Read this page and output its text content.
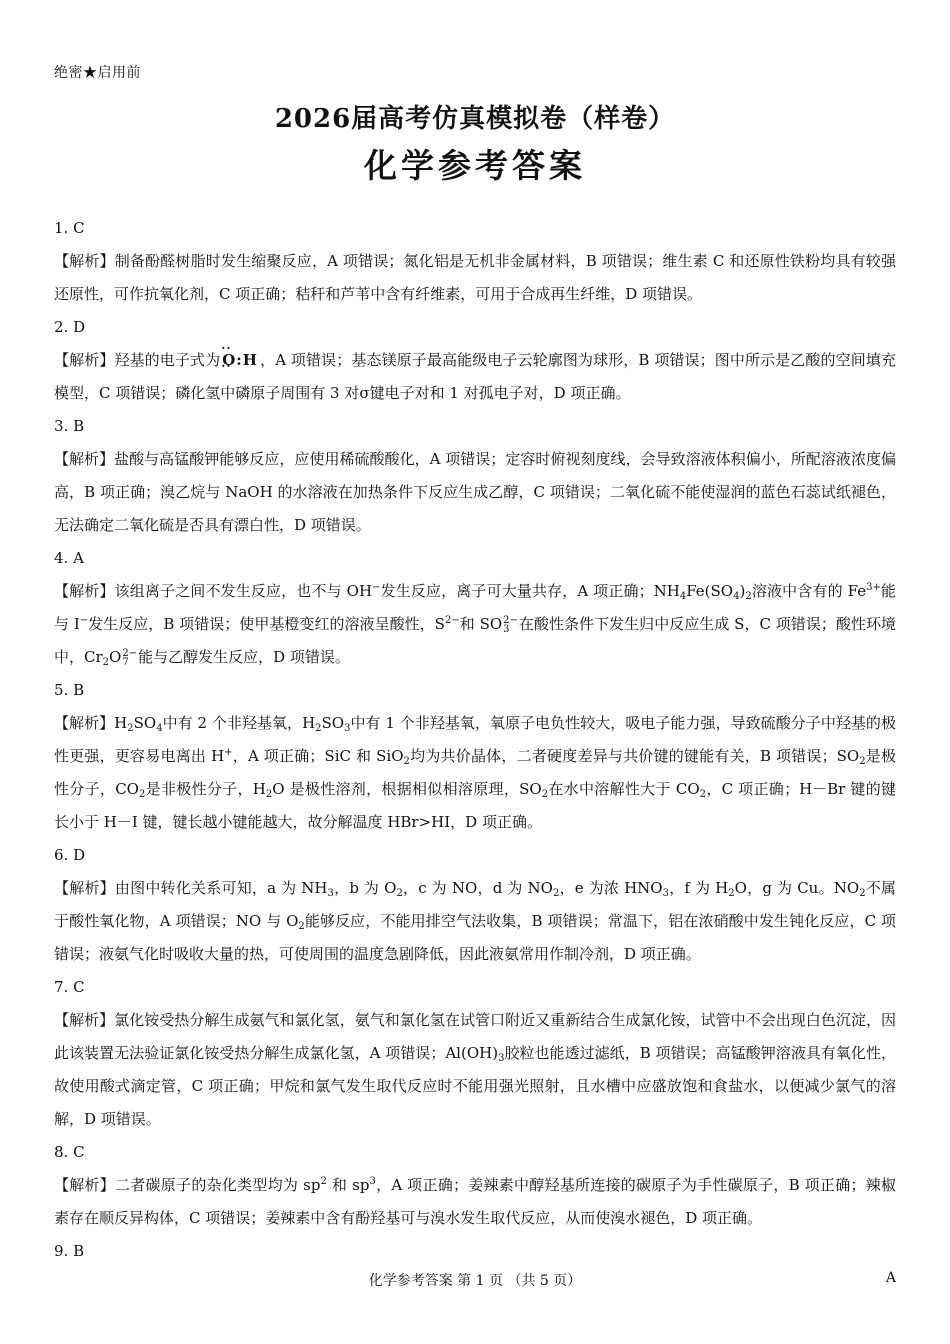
绝密★启用前
2026届高考仿真模拟卷（样卷）
化学参考答案
1. C

【解析】制备酚醛树脂时发生缩聚反应，A 项错误；氮化铝是无机非金属材料，B 项错误；维生素 C 和还原性铁粉均具有较强还原性，可作抗氧化剂，C 项正确；秸秆和芦苇中含有纤维素，可用于合成再生纤维，D 项错误。

2. D

【解析】羟基的电子式为·· O:H ·· ，A 项错误；基态镁原子最高能级电子云轮廓图为球形，B 项错误；图中所示是乙酸的空间填充模型，C 项错误；磷化氢中磷原子周围有 3 对σ键电子对和 1 对孤电子对，D 项正确。

3. B

【解析】盐酸与高锰酸钾能够反应，应使用稀硫酸酸化，A 项错误；定容时俯视刻度线，会导致溶液体积偏小，所配溶液浓度偏高，B 项正确；溴乙烷与 NaOH 的水溶液在加热条件下反应生成乙醇，C 项错误；二氧化硫不能使湿润的蓝色石蕊试纸褪色，无法确定二氧化硫是否具有漂白性，D 项错误。

4. A

【解析】该组离子之间不发生反应，也不与 OH−发生反应，离子可大量共存，A 项正确；$NH_4Fe(SO_4)_2$溶液中含有的 $Fe^{3+}$能与 I−发生反应，B 项错误；使甲基橙变红的溶液呈酸性，$S^{2-}$和 SO 2−
3 在酸性条件下发生归中反应生成 S，C 项错误；酸性环境中，$Cr_2O$ 2−
7 能与乙醇发生反应，D 项错误。

5. B

【解析】$H_2SO_4$中有 2 个非羟基氧，$H_2SO_3$中有 1 个非羟基氧，氧原子电负性较大，吸电子能力强，导致硫酸分子中羟基的极性更强，更容易电离出 H+，A 项正确；SiC 和 SiO$_2$均为共价晶体，二者硬度差异与共价键的键能有关，B 项错误；$SO_2$是极性分子，$CO_2$是非极性分子，$H_2O$ 是极性溶剂，根据相似相溶原理，$SO_2$在水中溶解性大于 $CO_2$，C 项正确；H－Br 键的键长小于 H－I 键，键长越小键能越大，故分解温度 HBr>HI，D 项正确。

6. D

【解析】由图中转化关系可知，a 为 $NH_3$，b 为 $O_2$，c 为 NO，d 为 $NO_2$，e 为浓 $HNO_3$，f 为 $H_2O$，g 为 Cu。$NO_2$不属于酸性氧化物，A 项错误；NO 与 $O_2$能够反应，不能用排空气法收集，B 项错误；常温下，铝在浓硝酸中发生钝化反应，C 项错误；液氨气化时吸收大量的热，可使周围的温度急剧降低，因此液氨常用作制冷剂，D 项正确。

7. C

【解析】氯化铵受热分解生成氨气和氯化氢，氨气和氯化氢在试管口附近又重新结合生成氯化铵，试管中不会出现白色沉淀，因此该装置无法验证氯化铵受热分解生成氯化氢，A 项错误；$Al(OH)_3$胶粒也能透过滤纸，B 项错误；高锰酸钾溶液具有氧化性，故使用酸式滴定管，C 项正确；甲烷和氯气发生取代反应时不能用强光照射，且水槽中应盛放饱和食盐水，以便减少氯气的溶解，D 项错误。

8. C

【解析】二者碳原子的杂化类型均为 $sp^2$ 和 $sp^3$，A 项正确；姜辣素中醇羟基所连接的碳原子为手性碳原子，B 项正确；辣椒素存在顺反异构体，C 项错误；姜辣素中含有酚羟基可与溴水发生取代反应，从而使溴水褪色，D 项正确。

9. B
化学参考答案 第 1 页 （共 5 页）	A
